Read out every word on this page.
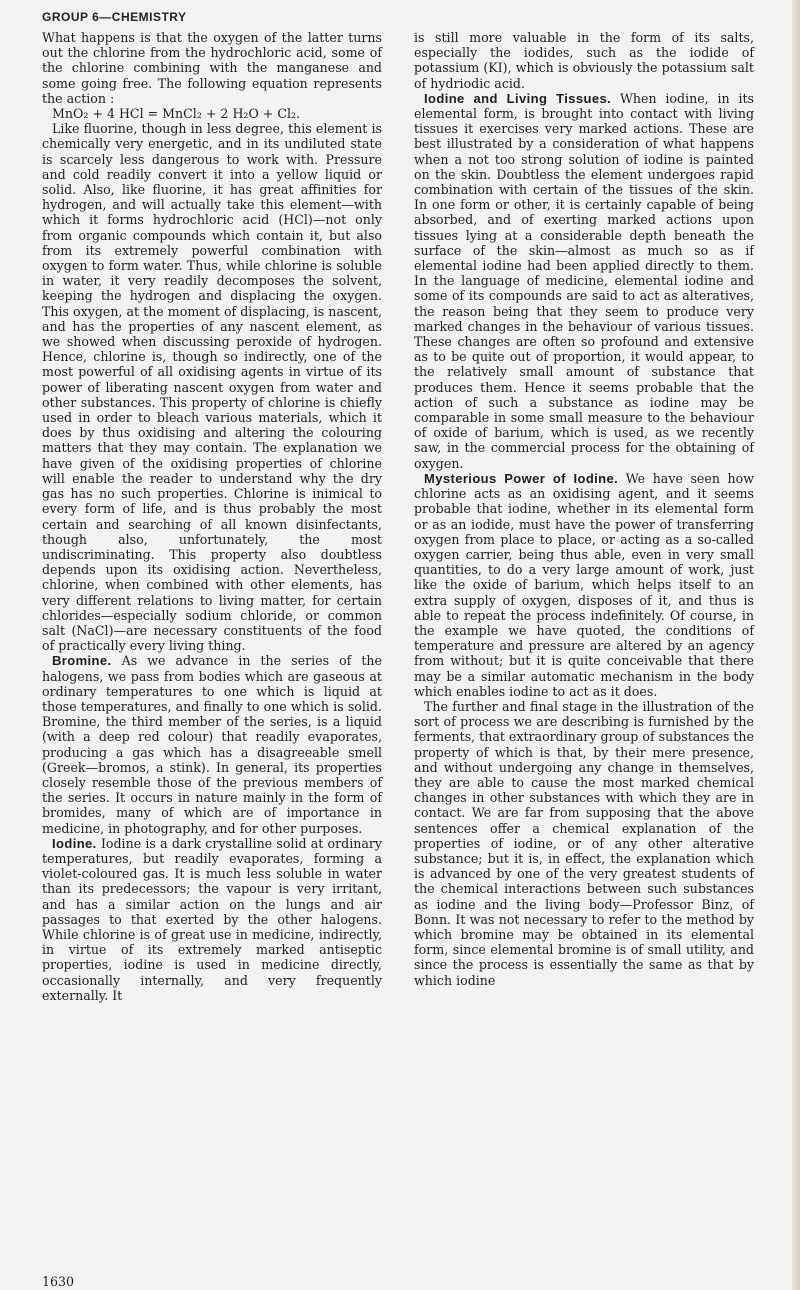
GROUP 6—CHEMISTRY

What happens is that the oxygen of the latter turns out the chlorine from the hydrochloric acid, some of the chlorine combining with the manganese and some going free. The following equation represents the action :

MnO₂ + 4 HCl = MnCl₂ + 2 H₂O + Cl₂.

Like fluorine, though in less degree, this element is chemically very energetic, and in its undiluted state is scarcely less dangerous to work with. Pressure and cold readily convert it into a yellow liquid or solid. Also, like fluorine, it has great affinities for hydrogen, and will actually take this element—with which it forms hydrochloric acid (HCl)—not only from organic compounds which contain it, but also from its extremely powerful combination with oxygen to form water. Thus, while chlorine is soluble in water, it very readily decomposes the solvent, keeping the hydrogen and displacing the oxygen. This oxygen, at the moment of displacing, is nascent, and has the properties of any nascent element, as we showed when discussing peroxide of hydrogen. Hence, chlorine is, though so indirectly, one of the most powerful of all oxidising agents in virtue of its power of liberating nascent oxygen from water and other substances. This property of chlorine is chiefly used in order to bleach various materials, which it does by thus oxidising and altering the colouring matters that they may contain. The explanation we have given of the oxidising properties of chlorine will enable the reader to understand why the dry gas has no such properties. Chlorine is inimical to every form of life, and is thus probably the most certain and searching of all known disinfectants, though also, unfortunately, the most undiscriminating. This property also doubtless depends upon its oxidising action. Nevertheless, chlorine, when combined with other elements, has very different relations to living matter, for certain chlorides—especially sodium chloride, or common salt (NaCl)—are necessary constituents of the food of practically every living thing.

Bromine. As we advance in the series of the halogens, we pass from bodies which are gaseous at ordinary temperatures to one which is liquid at those temperatures, and finally to one which is solid. Bromine, the third member of the series, is a liquid (with a deep red colour) that readily evaporates, producing a gas which has a disagreeable smell (Greek—bromos, a stink). In general, its properties closely resemble those of the previous members of the series. It occurs in nature mainly in the form of bromides, many of which are of importance in medicine, in photography, and for other purposes.

Iodine. Iodine is a dark crystalline solid at ordinary temperatures, but readily evaporates, forming a violet-coloured gas. It is much less soluble in water than its predecessors; the vapour is very irritant, and has a similar action on the lungs and air passages to that exerted by the other halogens. While chlorine is of great use in medicine, indirectly, in virtue of its extremely marked antiseptic properties, iodine is used in medicine directly, occasionally internally, and very frequently externally. It

is still more valuable in the form of its salts, especially the iodides, such as the iodide of potassium (KI), which is obviously the potassium salt of hydriodic acid.

Iodine and Living Tissues. When iodine, in its elemental form, is brought into contact with living tissues it exercises very marked actions. These are best illustrated by a consideration of what happens when a not too strong solution of iodine is painted on the skin. Doubtless the element undergoes rapid combination with certain of the tissues of the skin. In one form or other, it is certainly capable of being absorbed, and of exerting marked actions upon tissues lying at a considerable depth beneath the surface of the skin—almost as much so as if elemental iodine had been applied directly to them. In the language of medicine, elemental iodine and some of its compounds are said to act as alteratives, the reason being that they seem to produce very marked changes in the behaviour of various tissues. These changes are often so profound and extensive as to be quite out of proportion, it would appear, to the relatively small amount of substance that produces them. Hence it seems probable that the action of such a substance as iodine may be comparable in some small measure to the behaviour of oxide of barium, which is used, as we recently saw, in the commercial process for the obtaining of oxygen.

Mysterious Power of Iodine. We have seen how chlorine acts as an oxidising agent, and it seems probable that iodine, whether in its elemental form or as an iodide, must have the power of transferring oxygen from place to place, or acting as a so-called oxygen carrier, being thus able, even in very small quantities, to do a very large amount of work, just like the oxide of barium, which helps itself to an extra supply of oxygen, disposes of it, and thus is able to repeat the process indefinitely. Of course, in the example we have quoted, the conditions of temperature and pressure are altered by an agency from without; but it is quite conceivable that there may be a similar automatic mechanism in the body which enables iodine to act as it does.

The further and final stage in the illustration of the sort of process we are describing is furnished by the ferments, that extraordinary group of substances the property of which is that, by their mere presence, and without undergoing any change in themselves, they are able to cause the most marked chemical changes in other substances with which they are in contact. We are far from supposing that the above sentences offer a chemical explanation of the properties of iodine, or of any other alterative substance; but it is, in effect, the explanation which is advanced by one of the very greatest students of the chemical interactions between such substances as iodine and the living body—Professor Binz, of Bonn. It was not necessary to refer to the method by which bromine may be obtained in its elemental form, since elemental bromine is of small utility, and since the process is essentially the same as that by which iodine

1630
